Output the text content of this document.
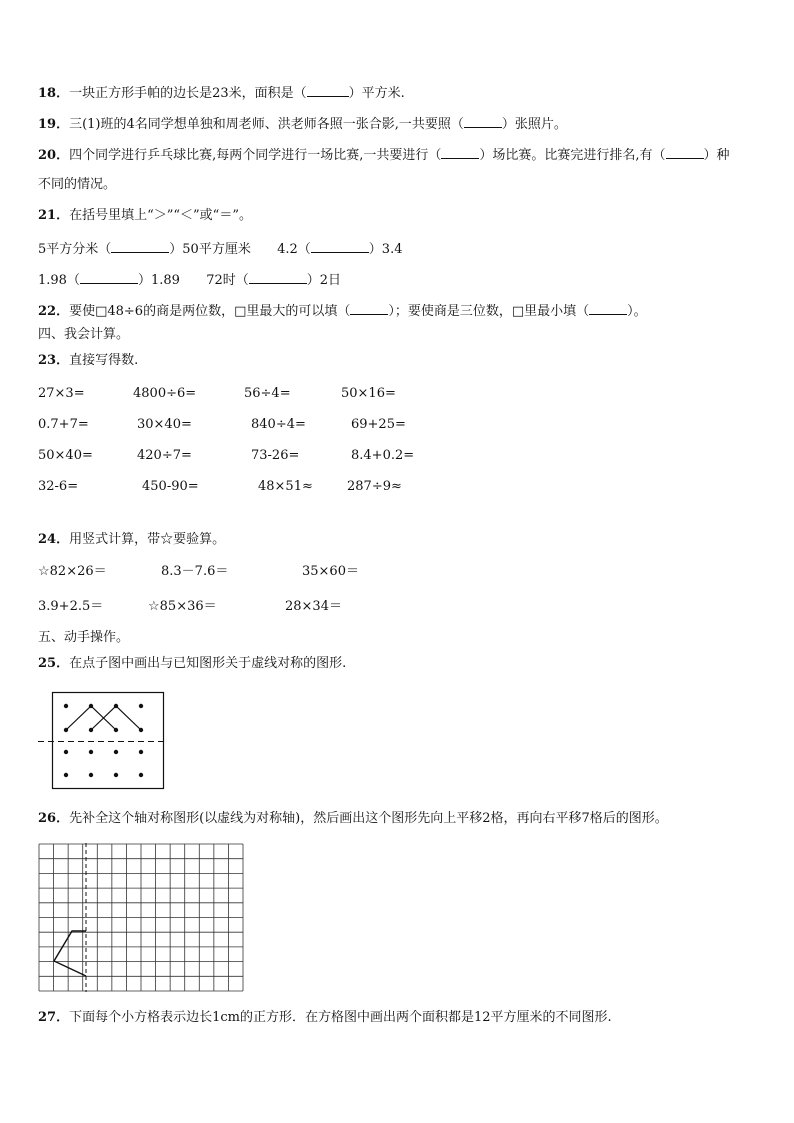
18．一块正方形手帕的边长是23米，面积是（	）平方米.
19．三(1)班的4名同学想单独和周老师、洪老师各照一张合影,一共要照（	）张照片。
20．四个同学进行乒乓球比赛,每两个同学进行一场比赛,一共要进行（	）场比赛。比赛完进行排名,有（	）种
不同的情况。
21．在括号里填上“＞”“＜”或“＝”。
5平方分米（	）50平方厘米 4.2（	）3.4
1.98（	）1.89 72时（	）2日
22．要使□48÷6的商是两位数，□里最大的可以填（	）；要使商是三位数，□里最小填（	）。
四、我会计算。
23．直接写得数.
27×3=	4800÷6=	56÷4=	50×16=
0.7+7=	30×40=	840÷4=	69+25=
50×40=	420÷7=	73-26=	8.4+0.2=
32-6=	450-90=	48×51≈	287÷9≈
24．用竖式计算，带☆要验算。
☆82×26＝	8.3－7.6＝	35×60＝
3.9+2.5＝	☆85×36＝	28×34＝
五、动手操作。
25．在点子图中画出与已知图形关于虚线对称的图形.
26．先补全这个轴对称图形(以虚线为对称轴)，然后画出这个图形先向上平移2格，再向右平移7格后的图形。
27．下面每个小方格表示边长1cm的正方形．在方格图中画出两个面积都是12平方厘米的不同图形.
